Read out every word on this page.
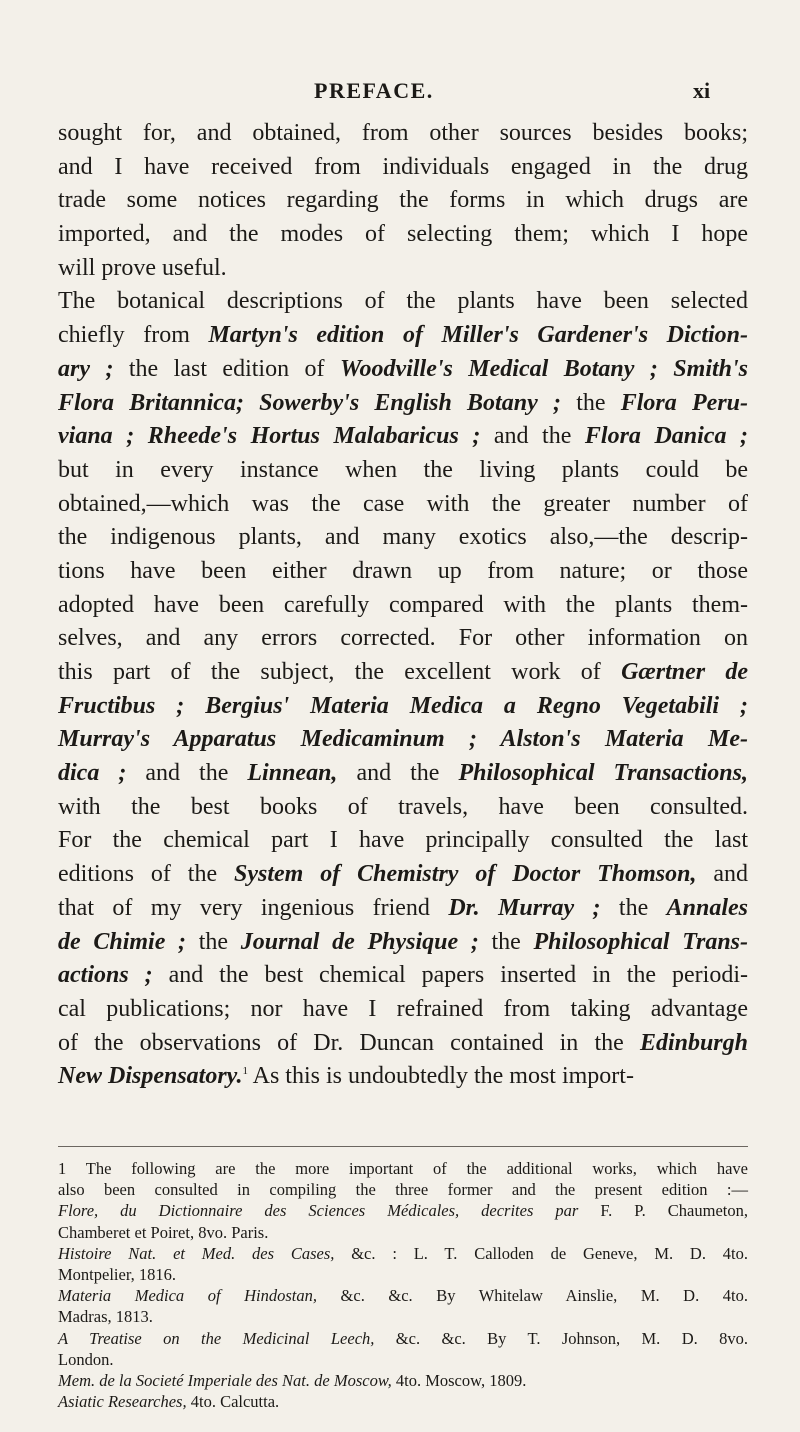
PREFACE.	xi
sought for, and obtained, from other sources besides books;
and I have received from individuals engaged in the drug
trade some notices regarding the forms in which drugs are
imported, and the modes of selecting them; which I hope
will prove useful.
The botanical descriptions of the plants have been selected
chiefly from Martyn's edition of Miller's Gardener's Diction-
ary ; the last edition of Woodville's Medical Botany ; Smith's
Flora Britannica; Sowerby's English Botany ; the Flora Peru-
viana ; Rheede's Hortus Malabaricus ; and the Flora Danica ;
but in every instance when the living plants could be
obtained,—which was the case with the greater number of
the indigenous plants, and many exotics also,—the descrip-
tions have been either drawn up from nature; or those
adopted have been carefully compared with the plants them-
selves, and any errors corrected. For other information on
this part of the subject, the excellent work of Gærtner de
Fructibus ; Bergius' Materia Medica a Regno Vegetabili ;
Murray's Apparatus Medicaminum ; Alston's Materia Me-
dica ; and the Linnean, and the Philosophical Transactions,
with the best books of travels, have been consulted.
For the chemical part I have principally consulted the last
editions of the System of Chemistry of Doctor Thomson, and
that of my very ingenious friend Dr. Murray ; the Annales
de Chimie ; the Journal de Physique ; the Philosophical Trans-
actions ; and the best chemical papers inserted in the periodi-
cal publications; nor have I refrained from taking advantage
of the observations of Dr. Duncan contained in the Edinburgh
New Dispensatory.$^1$ As this is undoubtedly the most import-
1 The following are the more important of the additional works, which have
also been consulted in compiling the three former and the present edition :—
Flore, du Dictionnaire des Sciences Médicales, decrites par F. P. Chaumeton,
Chamberet et Poiret, 8vo. Paris.
Histoire Nat. et Med. des Cases, &c. : L. T. Calloden de Geneve, M. D. 4to.
Montpelier, 1816.
Materia Medica of Hindostan, &c. &c. By Whitelaw Ainslie, M. D. 4to.
Madras, 1813.
A Treatise on the Medicinal Leech, &c. &c. By T. Johnson, M. D. 8vo.
London.
Mem. de la Societé Imperiale des Nat. de Moscow, 4to. Moscow, 1809.
Asiatic Researches, 4to. Calcutta.
